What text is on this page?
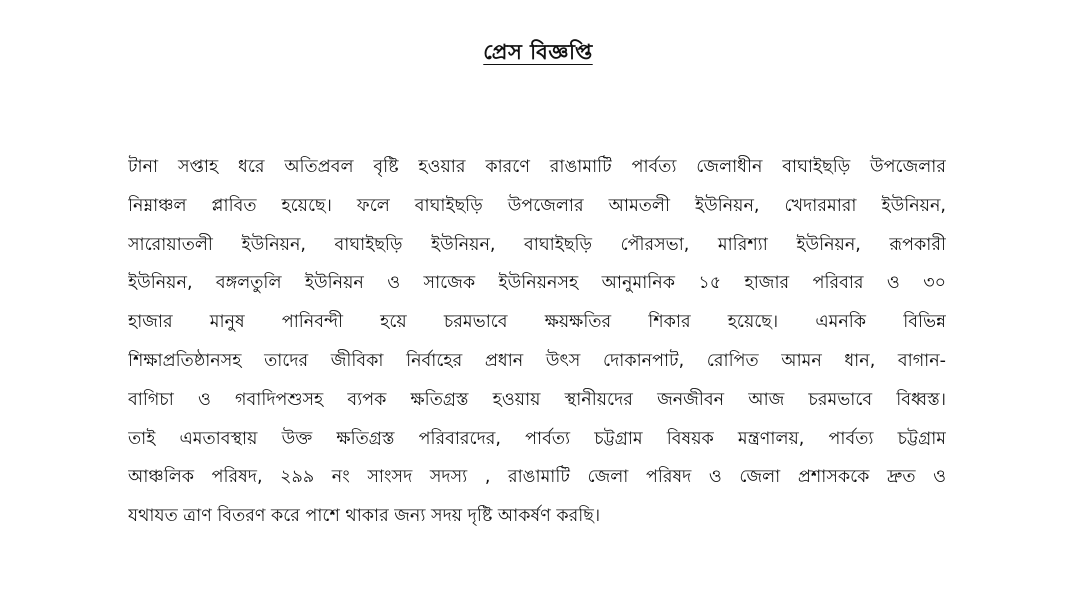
প্রেস বিজ্ঞপ্তি
টানা সপ্তাহ ধরে অতিপ্রবল বৃষ্টি হওয়ার কারণে রাঙামাটি পার্বত্য জেলাধীন বাঘাইছড়ি উপজেলার
নিম্নাঞ্চল প্লাবিত হয়েছে। ফলে বাঘাইছড়ি উপজেলার আমতলী ইউনিয়ন, খেদারমারা ইউনিয়ন,
সারোয়াতলী ইউনিয়ন, বাঘাইছড়ি ইউনিয়ন, বাঘাইছড়ি পৌরসভা, মারিশ্যা ইউনিয়ন, রূপকারী
ইউনিয়ন, বঙ্গলতুলি ইউনিয়ন ও সাজেক ইউনিয়নসহ আনুমানিক ১৫ হাজার পরিবার ও ৩০
হাজার মানুষ পানিবন্দী হয়ে চরমভাবে ক্ষয়ক্ষতির শিকার হয়েছে। এমনকি বিভিন্ন
শিক্ষাপ্রতিষ্ঠানসহ তাদের জীবিকা নির্বাহের প্রধান উৎস দোকানপাট, রোপিত আমন ধান, বাগান-
বাগিচা ও গবাদিপশুসহ ব্যপক ক্ষতিগ্রস্ত হওয়ায় স্থানীয়দের জনজীবন আজ চরমভাবে বিধ্বস্ত।
তাই এমতাবস্থায় উক্ত ক্ষতিগ্রস্ত পরিবারদের, পার্বত্য চট্টগ্রাম বিষয়ক মন্ত্রণালয়, পার্বত্য চট্টগ্রাম
আঞ্চলিক পরিষদ, ২৯৯ নং সাংসদ সদস্য , রাঙামাটি জেলা পরিষদ ও জেলা প্রশাসককে দ্রুত ও
যথাযত ত্রাণ বিতরণ করে পাশে থাকার জন্য সদয় দৃষ্টি আকর্ষণ করছি।
